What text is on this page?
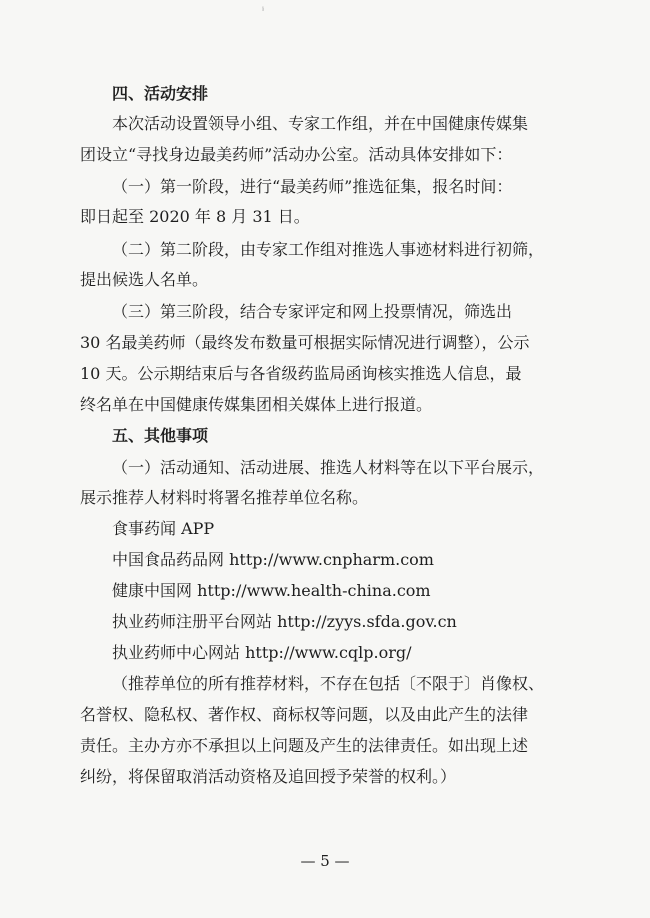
ⁱ
四、活动安排
本次活动设置领导小组、专家工作组，并在中国健康传媒集
团设立“寻找身边最美药师”活动办公室。活动具体安排如下：
（一）第一阶段，进行“最美药师”推选征集，报名时间：
即日起至 2020 年 8 月 31 日。
（二）第二阶段，由专家工作组对推选人事迹材料进行初筛，
提出候选人名单。
（三）第三阶段，结合专家评定和网上投票情况，筛选出
30 名最美药师（最终发布数量可根据实际情况进行调整），公示
10 天。公示期结束后与各省级药监局函询核实推选人信息，最
终名单在中国健康传媒集团相关媒体上进行报道。
五、其他事项
（一）活动通知、活动进展、推选人材料等在以下平台展示，
展示推荐人材料时将署名推荐单位名称。
食事药闻 APP
中国食品药品网 http://www.cnpharm.com
健康中国网 http://www.health-china.com
执业药师注册平台网站 http://zyys.sfda.gov.cn
执业药师中心网站 http://www.cqlp.org/
（推荐单位的所有推荐材料，不存在包括〔不限于〕肖像权、
名誉权、隐私权、著作权、商标权等问题，以及由此产生的法律
责任。主办方亦不承担以上问题及产生的法律责任。如出现上述
纠纷，将保留取消活动资格及追回授予荣誉的权利。）
— 5 —
